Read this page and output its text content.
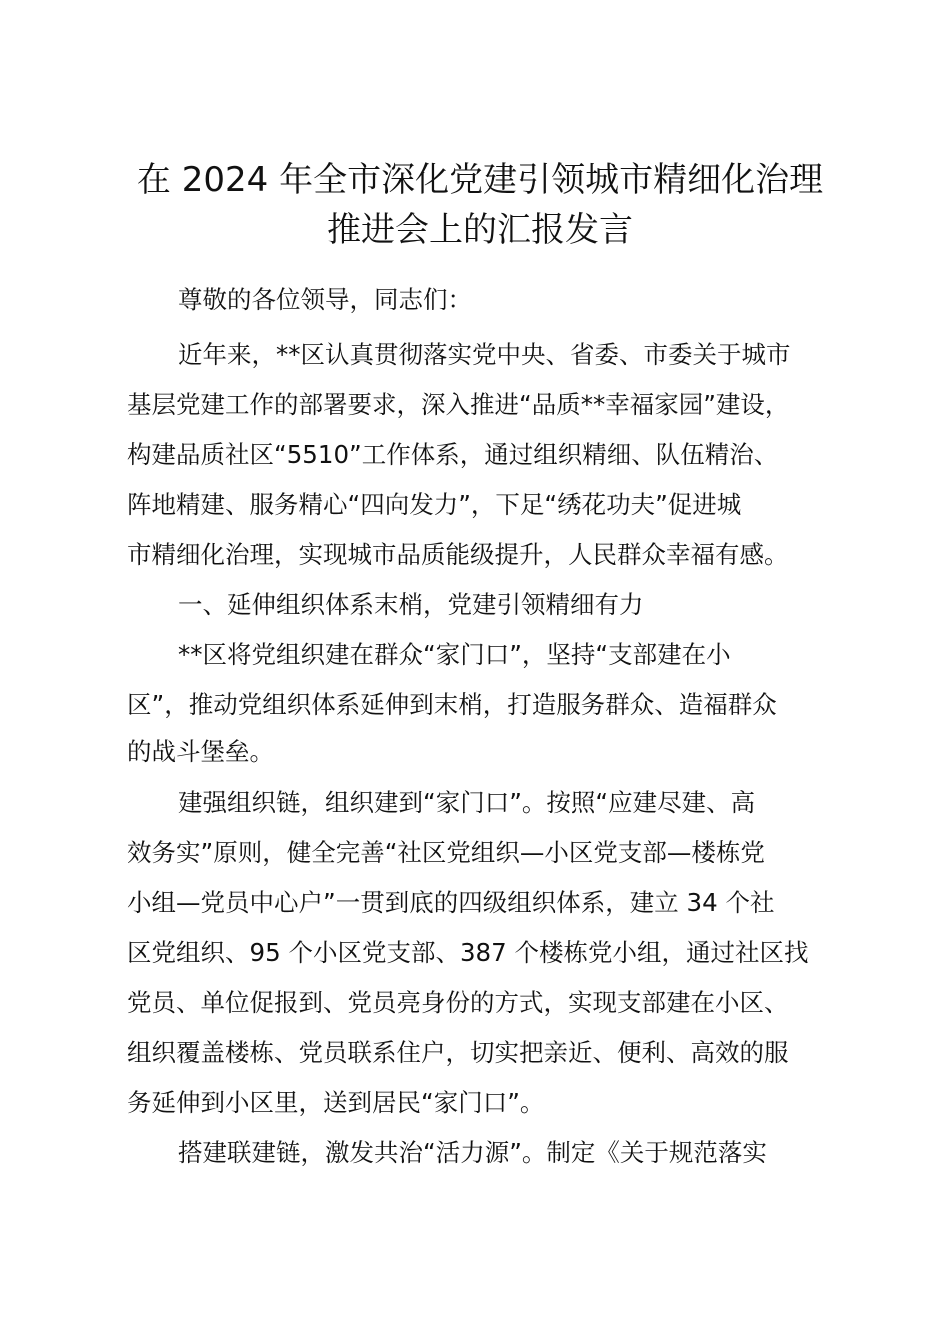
在 2024 年全市深化党建引领城市精细化治理
推进会上的汇报发言

尊敬的各位领导，同志们：

近年来，**区认真贯彻落实党中央、省委、市委关于城市

基层党建工作的部署要求，深入推进“品质**幸福家园”建设，

构建品质社区“5510”工作体系，通过组织精细、队伍精治、

阵地精建、服务精心“四向发力”，下足“绣花功夫”促进城

市精细化治理，实现城市品质能级提升，人民群众幸福有感。

一、延伸组织体系末梢，党建引领精细有力

**区将党组织建在群众“家门口”，坚持“支部建在小

区”，推动党组织体系延伸到末梢，打造服务群众、造福群众

的战斗堡垒。

建强组织链，组织建到“家门口”。按照“应建尽建、高

效务实”原则，健全完善“社区党组织—小区党支部—楼栋党

小组—党员中心户”一贯到底的四级组织体系，建立 34 个社

区党组织、95 个小区党支部、387 个楼栋党小组，通过社区找

党员、单位促报到、党员亮身份的方式，实现支部建在小区、

组织覆盖楼栋、党员联系住户，切实把亲近、便利、高效的服

务延伸到小区里，送到居民“家门口”。

搭建联建链，激发共治“活力源”。制定《关于规范落实
